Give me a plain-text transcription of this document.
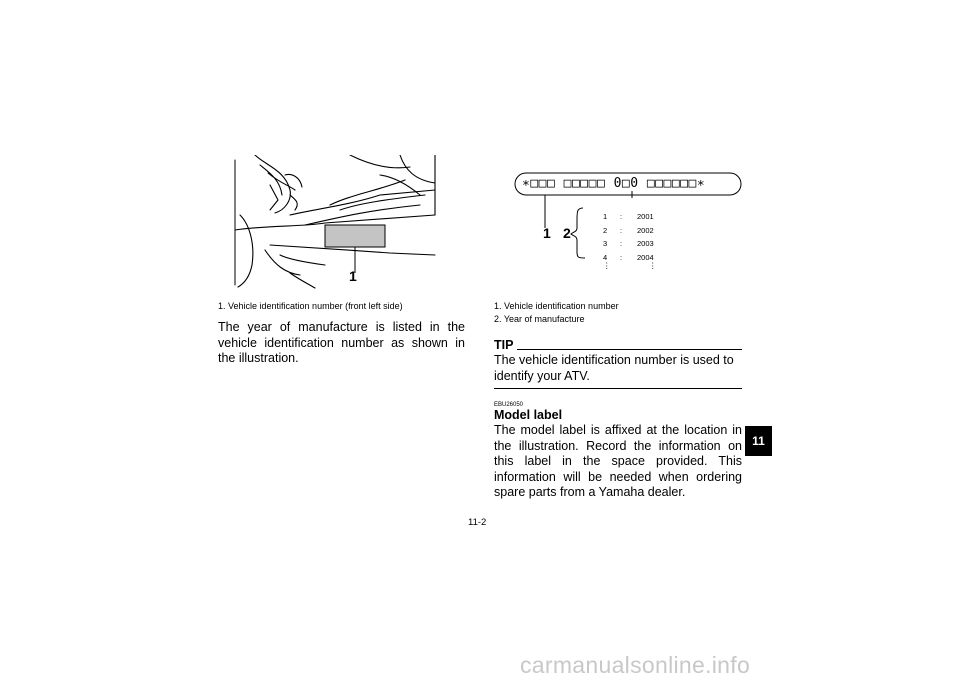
1
1. Vehicle identification number (front left side)
The year of manufacture is listed in the vehicle identification number as shown in the illustration.
∗□□□ □□□□□ 0□0 □□□□□□∗
1 2
1	:	2001
2	:	2002
3	:	2003
4	:	2004
⋮	⋮
1. Vehicle identification number
2. Year of manufacture
TIP
The vehicle identification number is used to identify your ATV.
EBU26050
Model label
The model label is affixed at the location in the illustration. Record the information on this label in the space provided. This information will be needed when ordering spare parts from a Yamaha dealer.
11
11-2
carmanualsonline.info
